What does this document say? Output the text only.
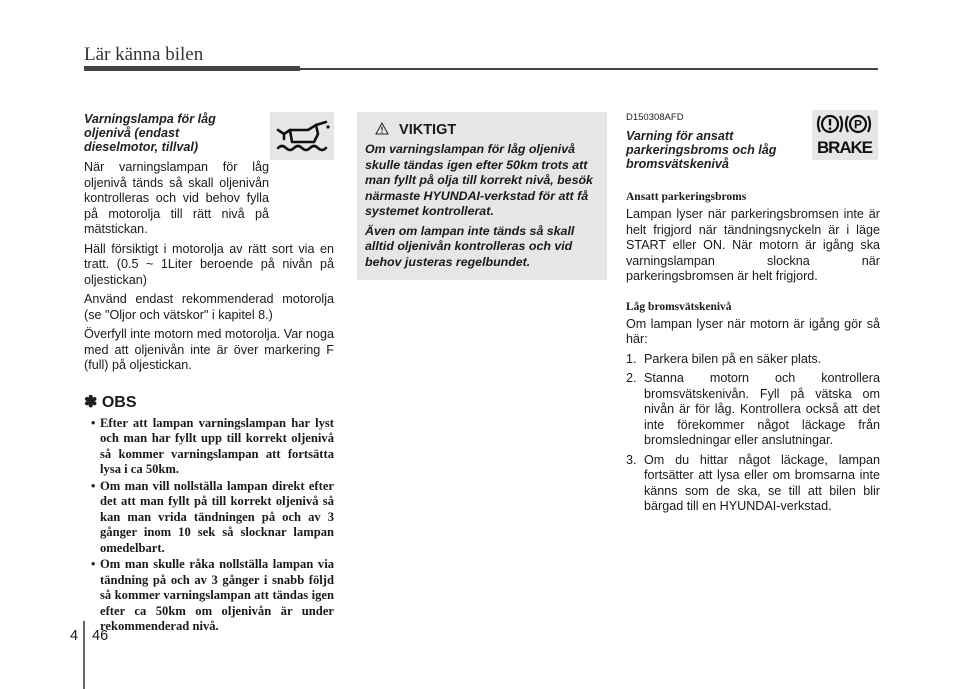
Lär känna bilen
Varningslampa för låg oljenivå (endast dieselmotor, tillval)

När varningslampan för låg oljenivå tänds så skall oljenivån kontrolleras och vid behov fylla på motorolja till rätt nivå på mätstickan.

Häll försiktigt i motorolja av rätt sort via en tratt. (0.5 ~ 1Liter beroende på nivån på oljestickan)

Använd endast rekommenderad motorolja (se "Oljor och vätskor" i kapitel 8.)

Överfyll inte motorn med motorolja. Var noga med att oljenivån inte är över markering F (full) på oljestickan.

✽ OBS
• Efter att lampan varningslampan har lyst och man har fyllt upp till korrekt oljenivå så kommer varningslampan att fortsätta lysa i ca 50km.
• Om man vill nollställa lampan direkt efter det att man fyllt på till korrekt oljenivå så kan man vrida tändningen på och av 3 gånger inom 10 sek så slocknar lampan omedelbart.
• Om man skulle råka nollställa lampan via tändning på och av 3 gånger i snabb följd så kommer varningslampan att tändas igen efter ca 50km om oljenivån är under rekommenderad nivå.
VIKTIGT

Om varningslampan för låg oljenivå skulle tändas igen efter 50km trots att man fyllt på olja till korrekt nivå, besök närmaste HYUNDAI-verkstad för att få systemet kontrollerat.

Även om lampan inte tänds så skall alltid oljenivån kontrolleras och vid behov justeras regelbundet.

D150308AFD
Varning för ansatt parkeringsbroms och låg bromsvätskenivå
P
BRAKE
Ansatt parkeringsbroms

Lampan lyser när parkeringsbromsen inte är helt frigjord när tändningsnyckeln är i läge START eller ON. När motorn är igång ska varningslampan slockna när parkeringsbromsen är helt frigjord.

Låg bromsvätskenivå

Om lampan lyser när motorn är igång gör så här:

1. Parkera bilen på en säker plats.
2. Stanna motorn och kontrollera bromsvätskenivån. Fyll på vätska om nivån är för låg. Kontrollera också att det inte förekommer något läckage från bromsledningar eller anslutningar.
3. Om du hittar något läckage, lampan fortsätter att lysa eller om bromsarna inte känns som de ska, se till att bilen blir bärgad till en HYUNDAI-verkstad.
4 46
